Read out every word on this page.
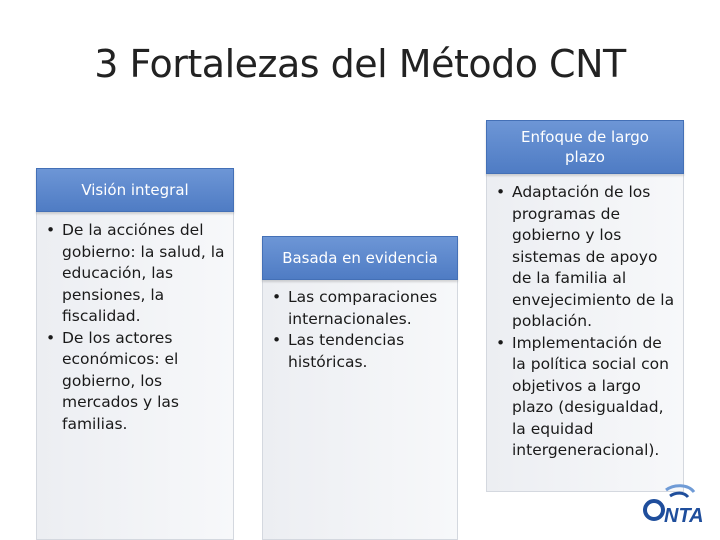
3 Fortalezas del Método CNT
Visión integral
• De la acciónes del gobierno: la salud, la educación, las pensiones, la fiscalidad.
• De los actores económicos: el gobierno, los mercados y las familias.
Basada en evidencia
• Las comparaciones internacionales.
• Las tendencias históricas.
Enfoque de largo plazo
• Adaptación de los programas de gobierno y los sistemas de apoyo de la familia al envejecimiento de la población.
• Implementación de la política social con objetivos a largo plazo (desigualdad, la equidad intergeneracional).
NTA
